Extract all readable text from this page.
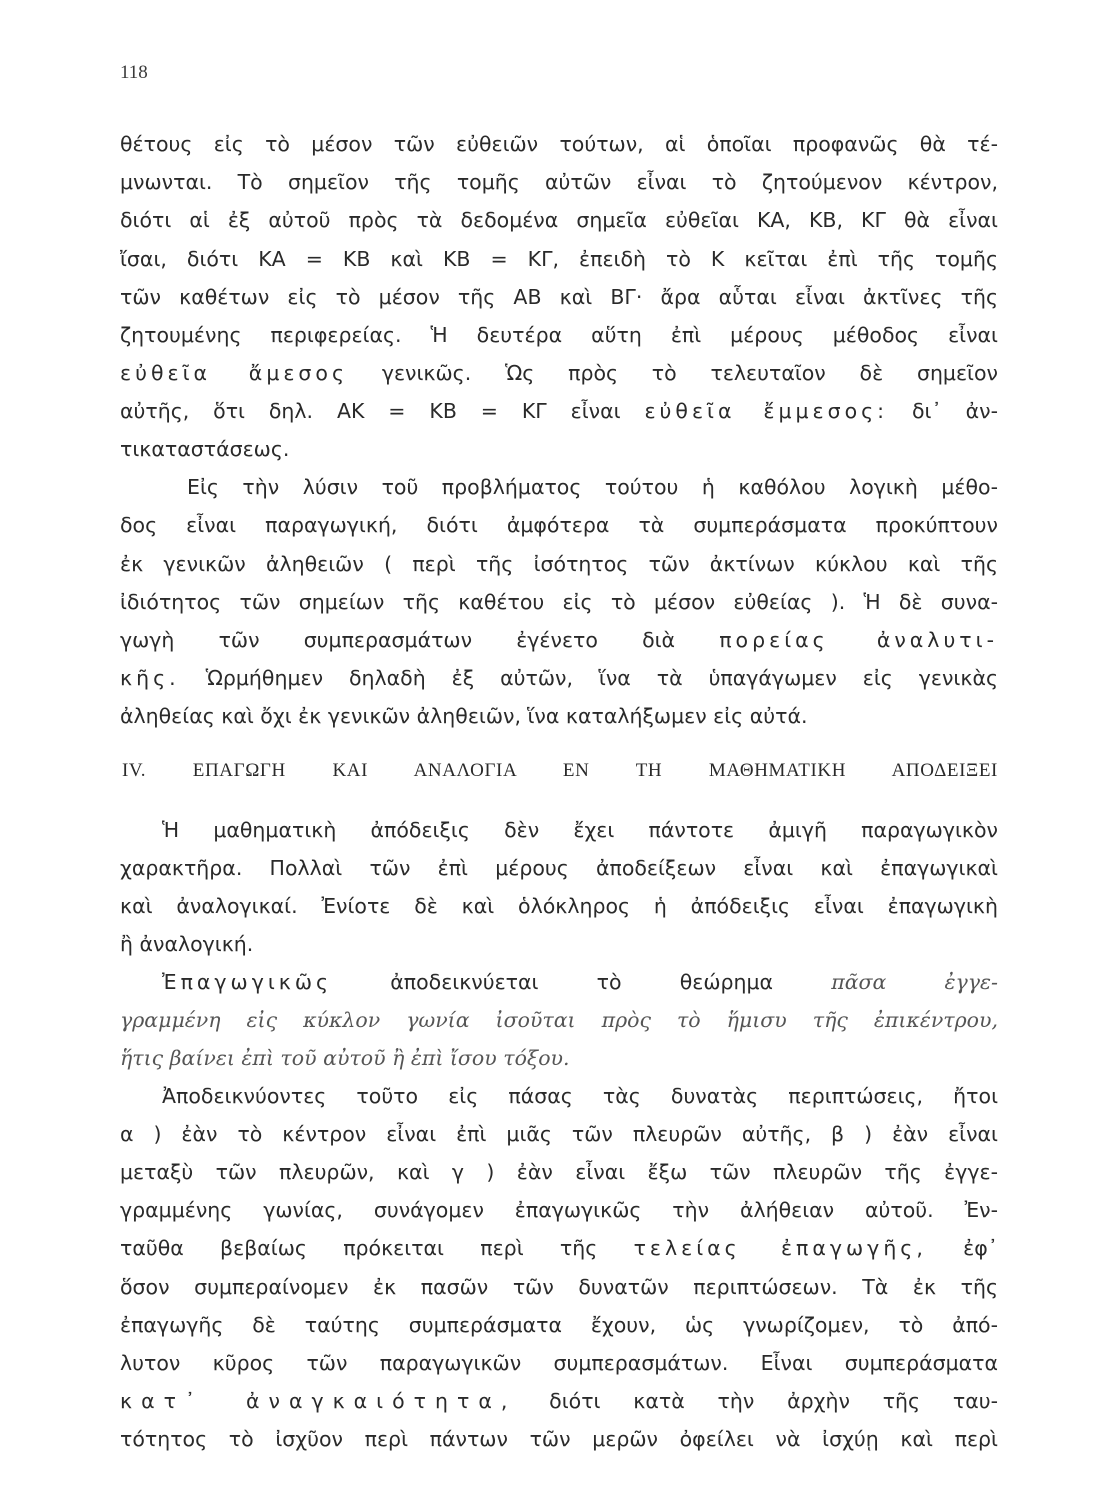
118

θέτους εἰς τὸ μέσον τῶν εὐθειῶν τούτων, αἱ ὁποῖαι προφανῶς θὰ τέ-

μνωνται. Τὸ σημεῖον τῆς τομῆς αὐτῶν εἶναι τὸ ζητούμενον κέντρον,

διότι αἱ ἐξ αὐτοῦ πρὸς τὰ δεδομένα σημεῖα εὐθεῖαι ΚΑ, ΚΒ, ΚΓ θὰ εἶναι

ἴσαι, διότι ΚΑ = ΚΒ καὶ ΚΒ = ΚΓ, ἐπειδὴ τὸ Κ κεῖται ἐπὶ τῆς τομῆς

τῶν καθέτων εἰς τὸ μέσον τῆς ΑΒ καὶ ΒΓ· ἄρα αὗται εἶναι ἀκτῖνες τῆς

ζητουμένης περιφερείας. Ἡ δευτέρα αὕτη ἐπὶ μέρους μέθοδος εἶναι

εὐθεῖα ἄμεσος γενικῶς. Ὡς πρὸς τὸ τελευταῖον δὲ σημεῖον

αὐτῆς, ὅτι δηλ. ΑΚ = ΚΒ = ΚΓ εἶναι εὐθεῖα ἔμμεσος: δι᾽ ἀν-

τικαταστάσεως.

Εἰς τὴν λύσιν τοῦ προβλήματος τούτου ἡ καθόλου λογικὴ μέθο-

δος εἶναι παραγωγική, διότι ἀμφότερα τὰ συμπεράσματα προκύπτουν

ἐκ γενικῶν ἀληθειῶν ( περὶ τῆς ἰσότητος τῶν ἀκτίνων κύκλου καὶ τῆς

ἰδιότητος τῶν σημείων τῆς καθέτου εἰς τὸ μέσον εὐθείας ). Ἡ δὲ συνα-

γωγὴ τῶν συμπερασμάτων ἐγένετο διὰ πορείας ἀναλυτι-

κῆς. Ὡρμήθημεν δηλαδὴ ἐξ αὐτῶν, ἵνα τὰ ὑπαγάγωμεν εἰς γενικὰς

ἀληθείας καὶ ὄχι ἐκ γενικῶν ἀληθειῶν, ἵνα καταλήξωμεν εἰς αὐτά.

IV. ΕΠΑΓΩΓΗ ΚΑΙ ΑΝΑΛΟΓΙΑ ΕΝ ΤΗ ΜΑΘΗΜΑΤΙΚΗ ΑΠΟΔΕΙΞΕΙ

Ἡ μαθηματικὴ ἀπόδειξις δὲν ἔχει πάντοτε ἀμιγῆ παραγωγικὸν

χαρακτῆρα. Πολλαὶ τῶν ἐπὶ μέρους ἀποδείξεων εἶναι καὶ ἐπαγωγικαὶ

καὶ ἀναλογικαί. Ἐνίοτε δὲ καὶ ὁλόκληρος ἡ ἀπόδειξις εἶναι ἐπαγωγικὴ

ἢ ἀναλογική.

Ἐπαγωγικῶς	ἀποδεικνύεται τὸ θεώρημα	πᾶσα ἐγγε-

γραμμένη εἰς κύκλον γωνία ἰσοῦται πρὸς τὸ ἥμισυ τῆς ἐπικέντρου,

ἥτις βαίνει ἐπὶ τοῦ αὐτοῦ ἢ ἐπὶ ἴσου τόξου.

Ἀποδεικνύοντες τοῦτο εἰς πάσας τὰς δυνατὰς περιπτώσεις, ἤτοι

α ) ἐὰν τὸ κέντρον εἶναι ἐπὶ μιᾶς τῶν πλευρῶν αὐτῆς, β ) ἐὰν εἶναι

μεταξὺ τῶν πλευρῶν, καὶ γ ) ἐὰν εἶναι ἔξω τῶν πλευρῶν τῆς ἐγγε-

γραμμένης γωνίας, συνάγομεν ἐπαγωγικῶς τὴν ἀλήθειαν αὐτοῦ. Ἐν-

ταῦθα βεβαίως πρόκειται περὶ τῆς τελείας ἐπαγωγῆς, ἐφ᾽

ὅσον συμπεραίνομεν ἐκ πασῶν τῶν δυνατῶν περιπτώσεων. Τὰ ἐκ τῆς

ἐπαγωγῆς δὲ ταύτης συμπεράσματα ἔχουν, ὡς γνωρίζομεν, τὸ ἀπό-

λυτον κῦρος τῶν παραγωγικῶν συμπερασμάτων. Εἶναι συμπεράσματα

κατ᾽ ἀναγκαιότητα, διότι κατὰ τὴν ἀρχὴν τῆς ταυ-

τότητος τὸ ἰσχῦον περὶ πάντων τῶν μερῶν ὀφείλει νὰ ἰσχύῃ καὶ περὶ
